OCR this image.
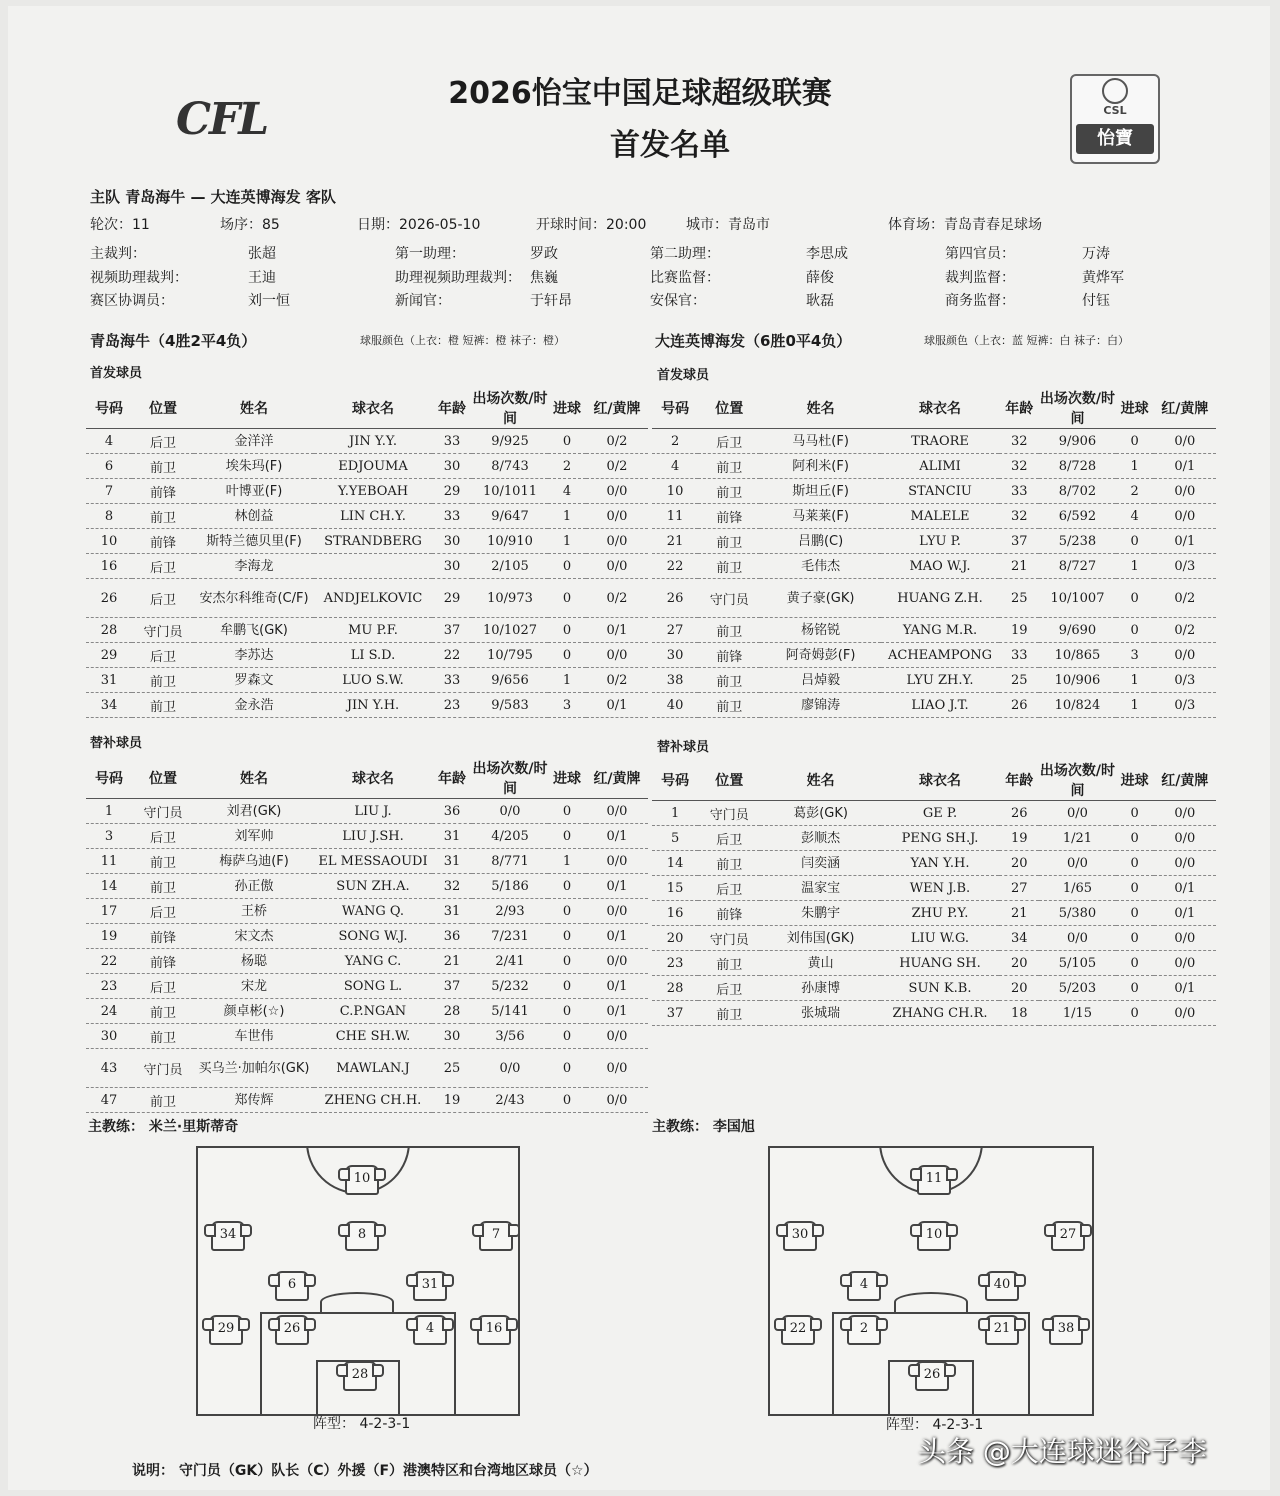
CFL	CSL
怡寶
2026怡宝中国足球超级联赛
首发名单
主队 青岛海牛 — 大连英博海发 客队
轮次：11	场序：85	日期：2026-05-10	开球时间：20:00	城市：青岛市	体育场：青岛青春足球场
主裁判：	张超	第一助理：	罗政	第二助理：	李思成	第四官员：	万涛
视频助理裁判：	王迪	助理视频助理裁判： 焦巍	比赛监督：	薛俊	裁判监督：	黄烨军
赛区协调员：	刘一恒	新闻官：	于轩昂	安保官：	耿磊	商务监督：	付钰
青岛海牛（4胜2平4负）	球服颜色（上衣：橙 短裤：橙 袜子：橙）	大连英博海发（6胜0平4负）	球服颜色（上衣：蓝 短裤：白 袜子：白）
首发球员	首发球员
号码	位置	姓名	球衣名	年龄	出场次数/时间	进球	红/黄牌
4	后卫	金洋洋	JIN Y.Y.	33	9/925	0	0/2
6	前卫	埃朱玛(F)	EDJOUMA	30	8/743	2	0/2
7	前锋	叶博亚(F)	Y.YEBOAH	29	10/1011	4	0/0
8	前卫	林创益	LIN CH.Y.	33	9/647	1	0/0
10	前锋	斯特兰德贝里(F)	STRANDBERG	30	10/910	1	0/0
16	后卫	李海龙		30	2/105	0	0/0
26	后卫	安杰尔科维奇(C/F)	ANDJELKOVIC	29	10/973	0	0/2
28	守门员	牟鹏飞(GK)	MU P.F.	37	10/1027	0	0/1
29	后卫	李苏达	LI S.D.	22	10/795	0	0/0
31	前卫	罗森文	LUO S.W.	33	9/656	1	0/2
34	前卫	金永浩	JIN Y.H.	23	9/583	3	0/1
号码	位置	姓名	球衣名	年龄	出场次数/时间	进球	红/黄牌
2	后卫	马马杜(F)	TRAORE	32	9/906	0	0/0
4	前卫	阿利米(F)	ALIMI	32	8/728	1	0/1
10	前卫	斯坦丘(F)	STANCIU	33	8/702	2	0/0
11	前锋	马莱莱(F)	MALELE	32	6/592	4	0/0
21	前卫	吕鹏(C)	LYU P.	37	5/238	0	0/1
22	前卫	毛伟杰	MAO W.J.	21	8/727	1	0/3
26	守门员	黄子豪(GK)	HUANG Z.H.	25	10/1007	0	0/2
27	前卫	杨铭锐	YANG M.R.	19	9/690	0	0/2
30	前锋	阿奇姆彭(F)	ACHEAMPONG	33	10/865	3	0/0
38	前卫	吕焯毅	LYU ZH.Y.	25	10/906	1	0/3
40	前卫	廖锦涛	LIAO J.T.	26	10/824	1	0/3
替补球员	替补球员
号码	位置	姓名	球衣名	年龄	出场次数/时间	进球	红/黄牌
1	守门员	刘君(GK)	LIU J.	36	0/0	0	0/0
3	后卫	刘军帅	LIU J.SH.	31	4/205	0	0/1
11	前卫	梅萨乌迪(F)	EL MESSAOUDI	31	8/771	1	0/0
14	前卫	孙正傲	SUN ZH.A.	32	5/186	0	0/1
17	后卫	王桥	WANG Q.	31	2/93	0	0/0
19	前锋	宋文杰	SONG W.J.	36	7/231	0	0/1
22	前锋	杨聪	YANG C.	21	2/41	0	0/0
23	后卫	宋龙	SONG L.	37	5/232	0	0/1
24	前卫	颜卓彬(☆)	C.P.NGAN	28	5/141	0	0/1
30	前卫	车世伟	CHE SH.W.	30	3/56	0	0/0
43	守门员	买乌兰·加帕尔(GK)	MAWLAN.J	25	0/0	0	0/0
47	前卫	郑传辉	ZHENG CH.H.	19	2/43	0	0/0
号码	位置	姓名	球衣名	年龄	出场次数/时间	进球	红/黄牌
1	守门员	葛彭(GK)	GE P.	26	0/0	0	0/0
5	后卫	彭顺杰	PENG SH.J.	19	1/21	0	0/0
14	前卫	闫奕涵	YAN Y.H.	20	0/0	0	0/0
15	后卫	温家宝	WEN J.B.	27	1/65	0	0/1
16	前锋	朱鹏宇	ZHU P.Y.	21	5/380	0	0/1
20	守门员	刘伟国(GK)	LIU W.G.	34	0/0	0	0/0
23	前卫	黄山	HUANG SH.	20	5/105	0	0/0
28	后卫	孙康博	SUN K.B.	20	5/203	0	0/1
37	前卫	张城瑞	ZHANG CH.R.	18	1/15	0	0/0
主教练： 米兰·里斯蒂奇	主教练： 李国旭
10
34	8	7
6	31
29	26	4	16
28
11
30	10	27
4	40
22	2	21	38
26
阵型： 4-2-3-1	阵型： 4-2-3-1
说明： 守门员（GK）队长（C）外援（F）港澳特区和台湾地区球员（☆）
头条 @大连球迷谷子李
